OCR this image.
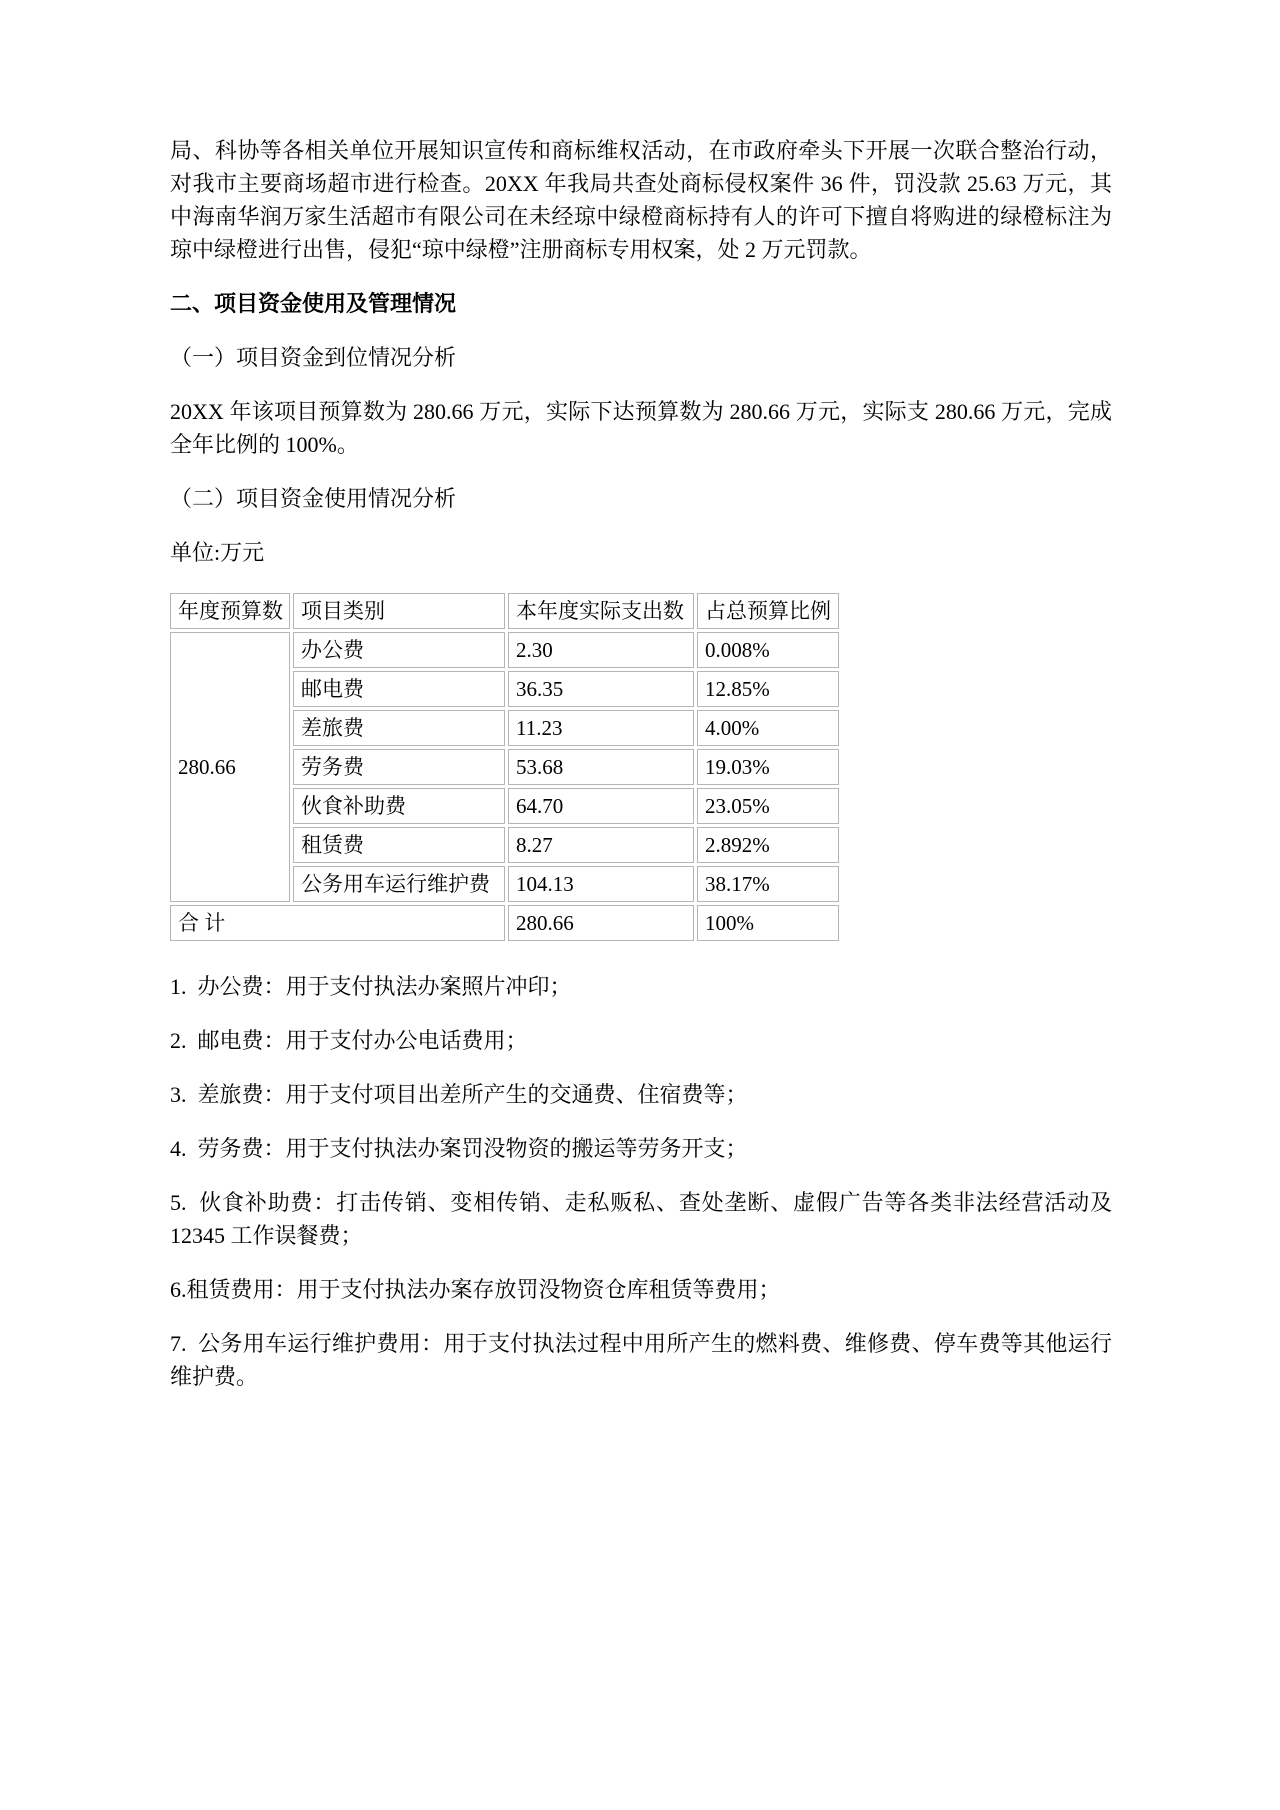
局、科协等各相关单位开展知识宣传和商标维权活动，在市政府牵头下开展一次联合整治行动，对我市主要商场超市进行检查。20XX 年我局共查处商标侵权案件 36 件，罚没款 25.63 万元，其中海南华润万家生活超市有限公司在未经琼中绿橙商标持有人的许可下擅自将购进的绿橙标注为琼中绿橙进行出售，侵犯“琼中绿橙”注册商标专用权案，处 2 万元罚款。

二、项目资金使用及管理情况

（一）项目资金到位情况分析

20XX 年该项目预算数为 280.66 万元，实际下达预算数为 280.66 万元，实际支 280.66 万元，完成全年比例的 100%。

（二）项目资金使用情况分析

单位:万元

年度预算数	项目类别	本年度实际支出数	占总预算比例
280.66	办公费	2.30	0.008%
	邮电费	36.35	12.85%
	差旅费	11.23	4.00%
	劳务费	53.68	19.03%
	伙食补助费	64.70	23.05%
	租赁费	8.27	2.892%
	公务用车运行维护费	104.13	38.17%
合 计		280.66	100%

1.  办公费：用于支付执法办案照片冲印；

2.  邮电费：用于支付办公电话费用；

3.  差旅费：用于支付项目出差所产生的交通费、住宿费等；

4.  劳务费：用于支付执法办案罚没物资的搬运等劳务开支；

5.  伙食补助费：打击传销、变相传销、走私贩私、查处垄断、虚假广告等各类非法经营活动及 12345 工作误餐费；

6.租赁费用：用于支付执法办案存放罚没物资仓库租赁等费用；

7.  公务用车运行维护费用：用于支付执法过程中用所产生的燃料费、维修费、停车费等其他运行维护费。
